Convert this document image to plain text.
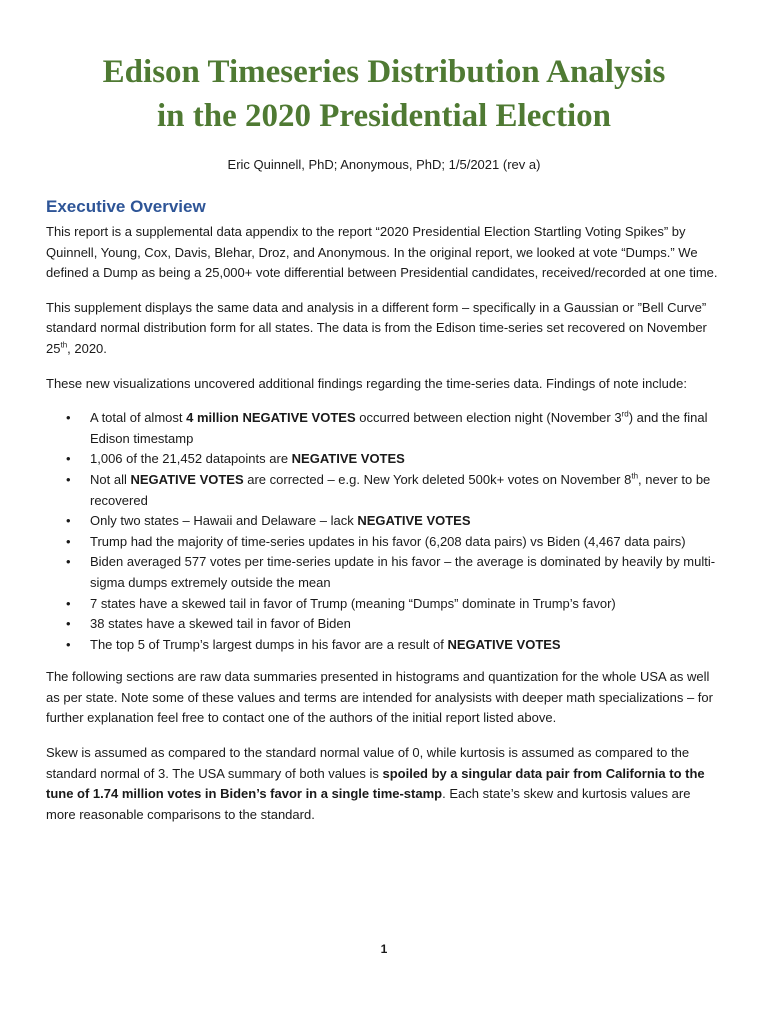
Edison Timeseries Distribution Analysis
in the 2020 Presidential Election
Eric Quinnell, PhD; Anonymous, PhD; 1/5/2021 (rev a)
Executive Overview

This report is a supplemental data appendix to the report “2020 Presidential Election Startling Voting Spikes” by Quinnell, Young, Cox, Davis, Blehar, Droz, and Anonymous. In the original report, we looked at vote “Dumps.” We defined a Dump as being a 25,000+ vote differential between Presidential candidates, received/recorded at one time.

This supplement displays the same data and analysis in a different form – specifically in a Gaussian or ”Bell Curve” standard normal distribution form for all states. The data is from the Edison time-series set recovered on November 25th, 2020.

These new visualizations uncovered additional findings regarding the time-series data. Findings of note include:

• A total of almost 4 million NEGATIVE VOTES occurred between election night (November 3rd) and the final Edison timestamp
• 1,006 of the 21,452 datapoints are NEGATIVE VOTES
• Not all NEGATIVE VOTES are corrected – e.g. New York deleted 500k+ votes on November 8th, never to be recovered
• Only two states – Hawaii and Delaware – lack NEGATIVE VOTES
• Trump had the majority of time-series updates in his favor (6,208 data pairs) vs Biden (4,467 data pairs)
• Biden averaged 577 votes per time-series update in his favor – the average is dominated by heavily by multi-sigma dumps extremely outside the mean
• 7 states have a skewed tail in favor of Trump (meaning “Dumps” dominate in Trump’s favor)
• 38 states have a skewed tail in favor of Biden
• The top 5 of Trump’s largest dumps in his favor are a result of NEGATIVE VOTES

The following sections are raw data summaries presented in histograms and quantization for the whole USA as well as per state. Note some of these values and terms are intended for analysists with deeper math specializations – for further explanation feel free to contact one of the authors of the initial report listed above.

Skew is assumed as compared to the standard normal value of 0, while kurtosis is assumed as compared to the standard normal of 3. The USA summary of both values is spoiled by a singular data pair from California to the tune of 1.74 million votes in Biden’s favor in a single time-stamp. Each state’s skew and kurtosis values are more reasonable comparisons to the standard.

1
